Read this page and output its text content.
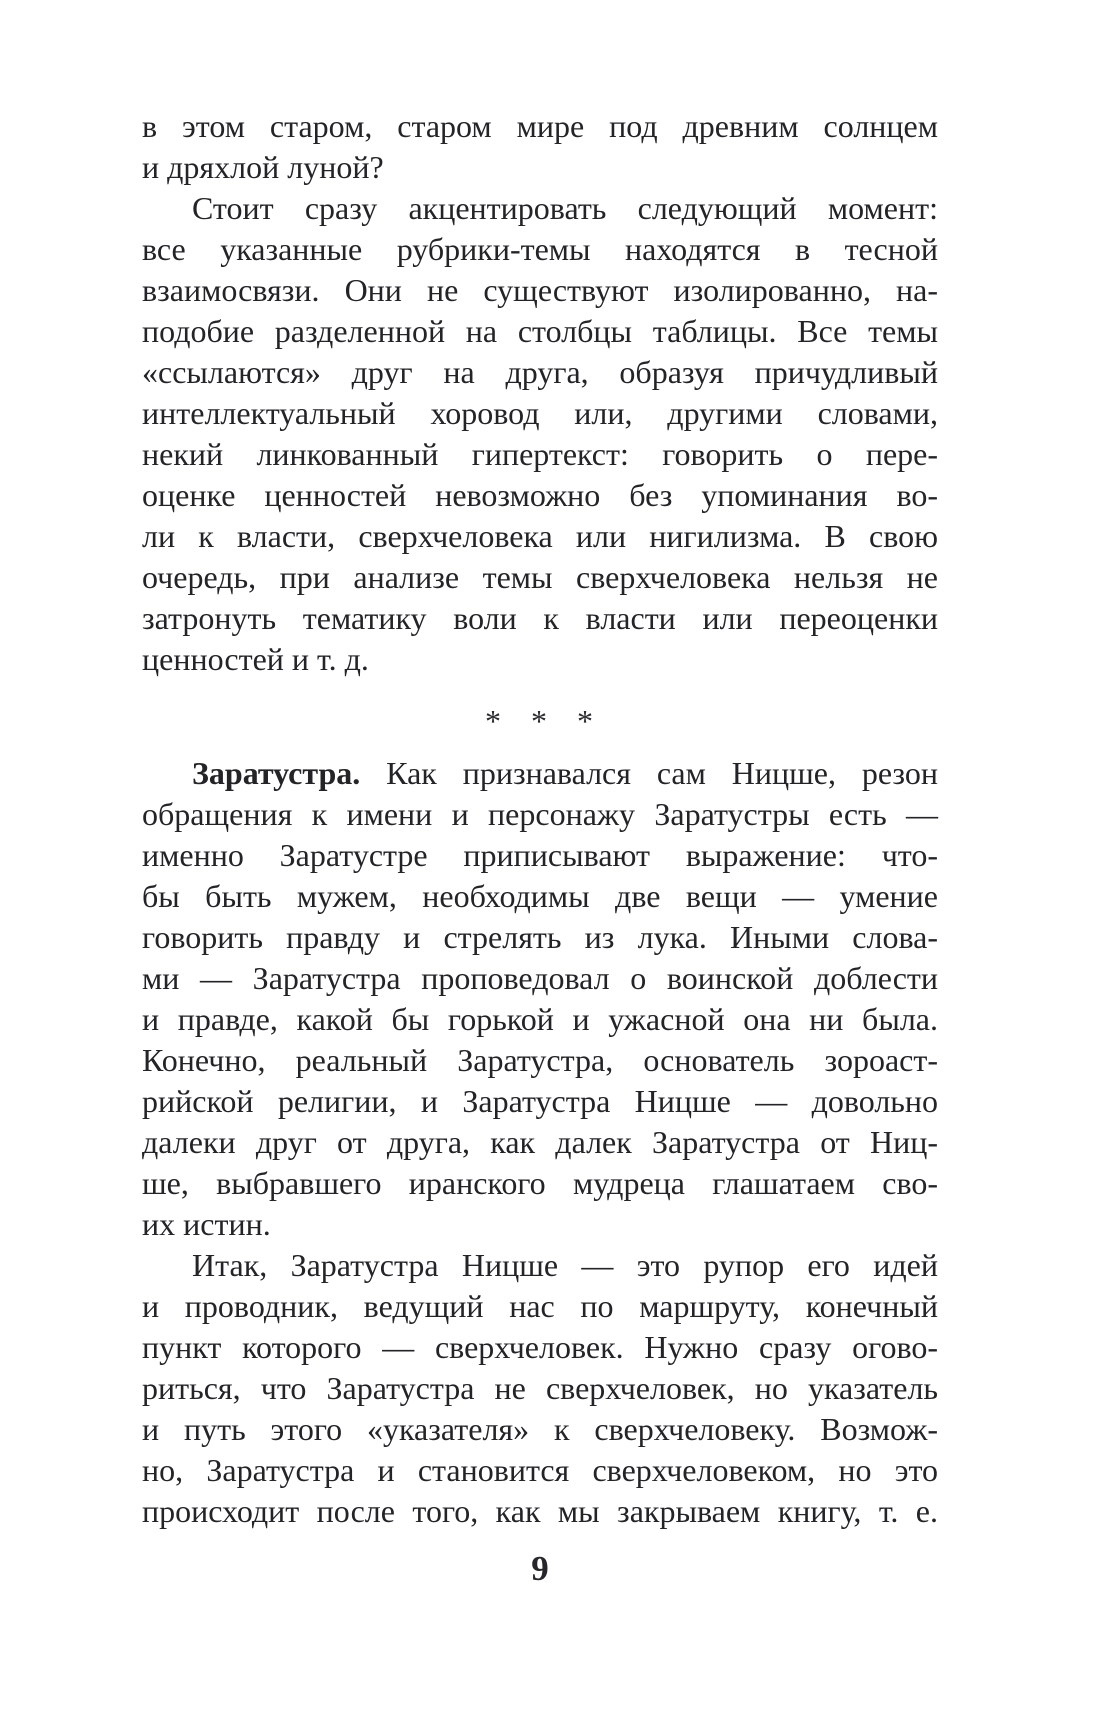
в этом старом, старом мире под древним солнцем
и дряхлой луной?
Стоит сразу акцентировать следующий момент:
все указанные рубрики-темы находятся в тесной
взаимосвязи. Они не существуют изолированно, на-
подобие разделенной на столбцы таблицы. Все темы
«ссылаются» друг на друга, образуя причудливый
интеллектуальный хоровод или, другими словами,
некий линкованный гипертекст: говорить о пере-
оценке ценностей невозможно без упоминания во-
ли к власти, сверхчеловека или нигилизма. В свою
очередь, при анализе темы сверхчеловека нельзя не
затронуть тематику воли к власти или переоценки
ценностей и т. д.
* * *
Заратустра. Как признавался сам Ницше, резон
обращения к имени и персонажу Заратустры есть —
именно Заратустре приписывают выражение: что-
бы быть мужем, необходимы две вещи — умение
говорить правду и стрелять из лука. Иными слова-
ми — Заратустра проповедовал о воинской доблести
и правде, какой бы горькой и ужасной она ни была.
Конечно, реальный Заратустра, основатель зороаст-
рийской религии, и Заратустра Ницше — довольно
далеки друг от друга, как далек Заратустра от Ниц-
ше, выбравшего иранского мудреца глашатаем сво-
их истин.
Итак, Заратустра Ницше — это рупор его идей
и проводник, ведущий нас по маршруту, конечный
пункт которого — сверхчеловек. Нужно сразу огово-
риться, что Заратустра не сверхчеловек, но указатель
и путь этого «указателя» к сверхчеловеку. Возмож-
но, Заратустра и становится сверхчеловеком, но это
происходит после того, как мы закрываем книгу, т. е.
9
